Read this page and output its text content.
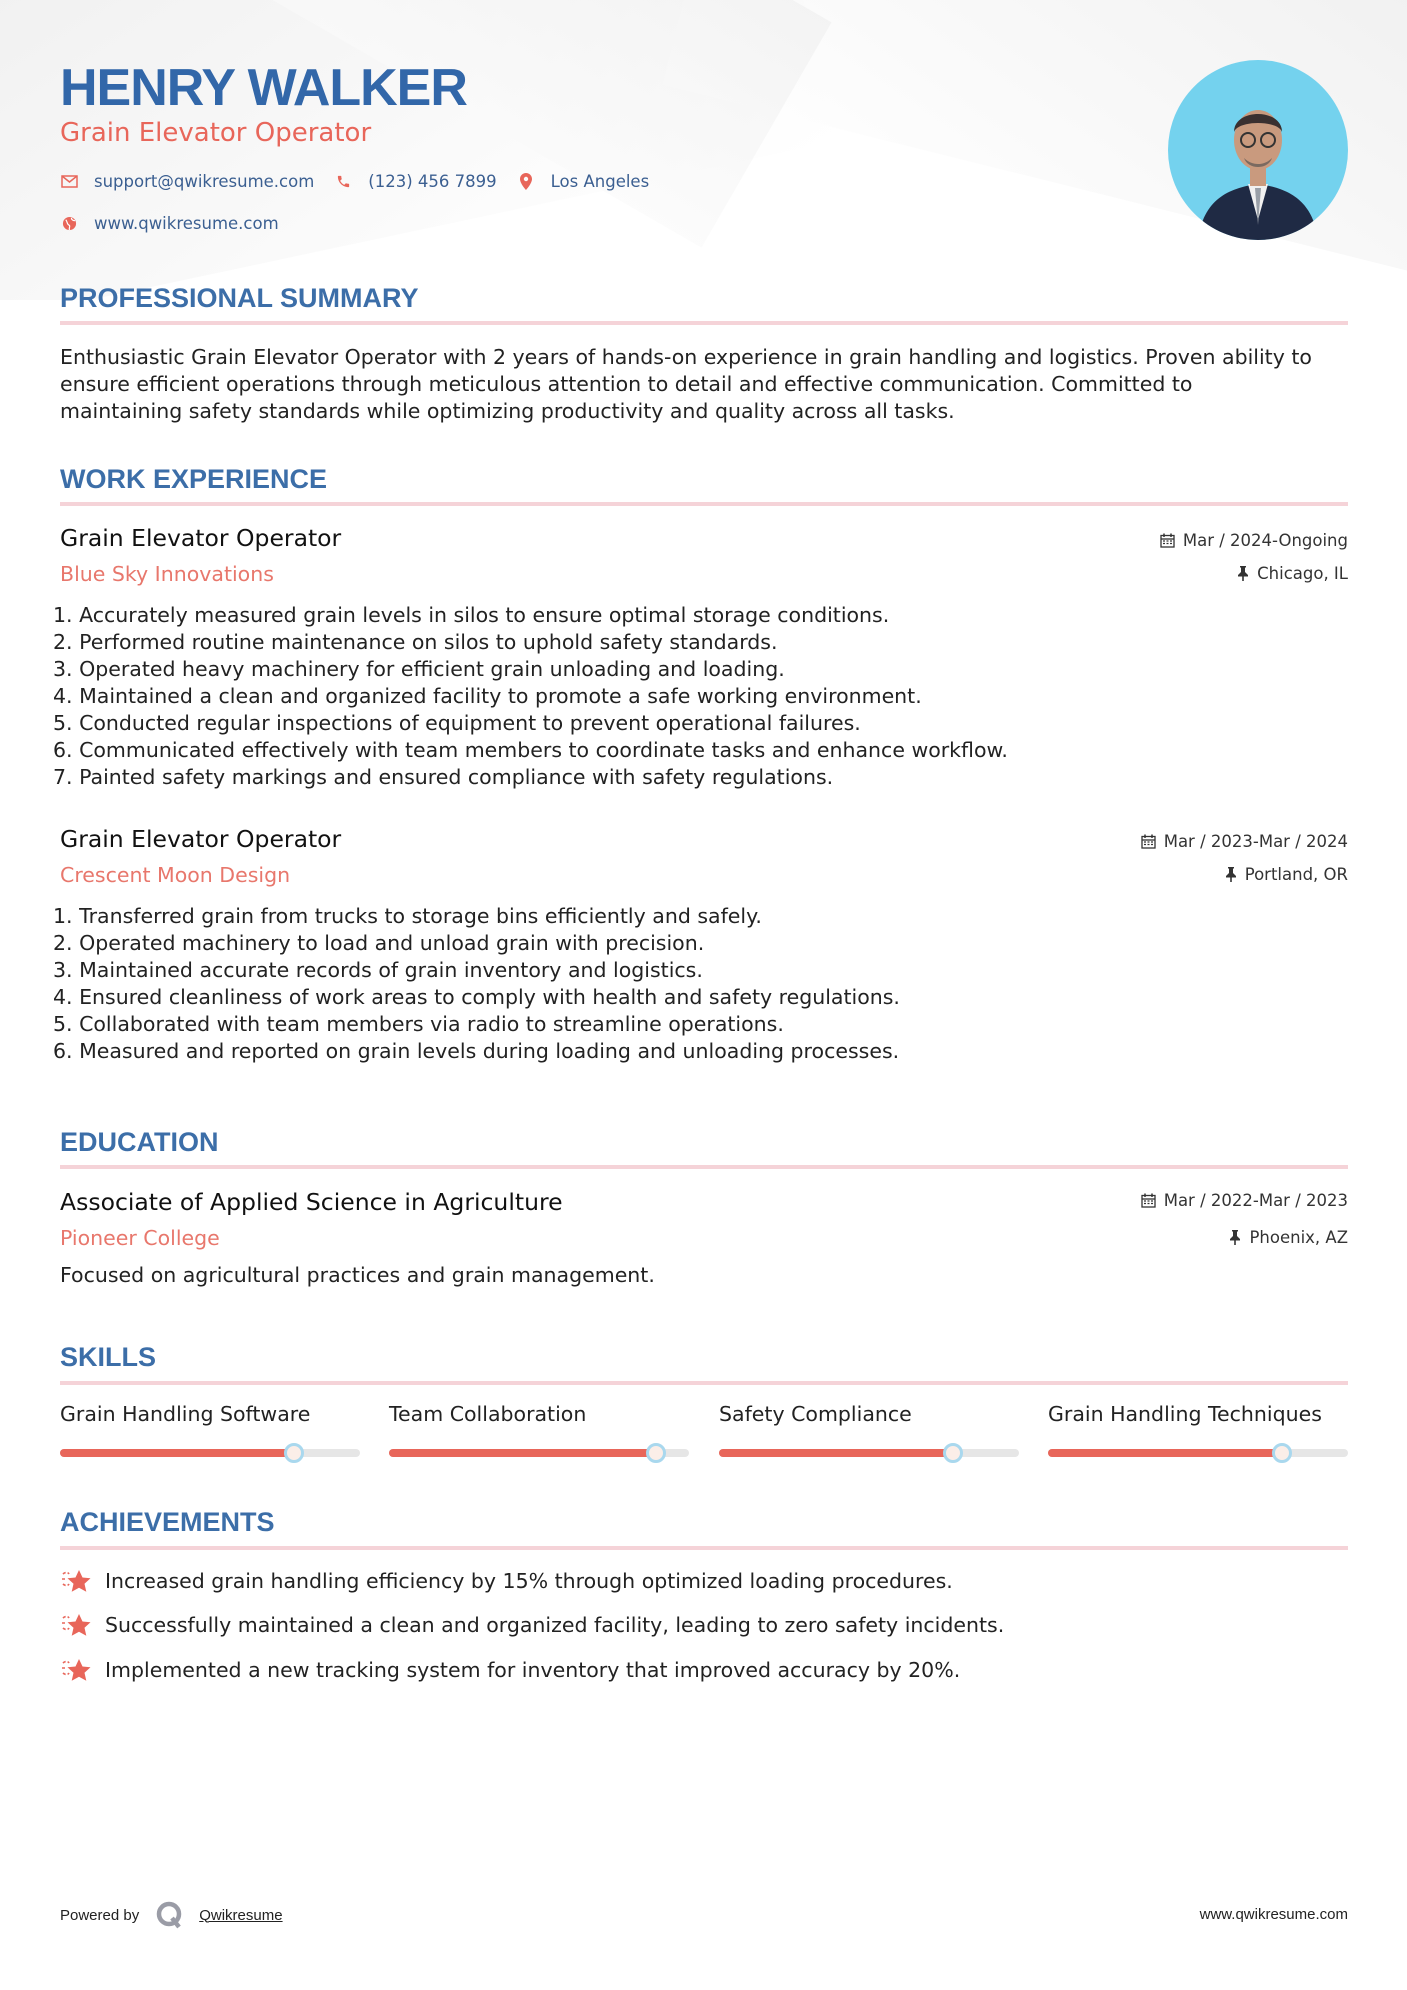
HENRY WALKER
Grain Elevator Operator
support@qwikresume.com	(123) 456 7899	Los Angeles
www.qwikresume.com
PROFESSIONAL SUMMARY
Enthusiastic Grain Elevator Operator with 2 years of hands-on experience in grain handling and logistics. Proven ability to
ensure efficient operations through meticulous attention to detail and effective communication. Committed to
maintaining safety standards while optimizing productivity and quality across all tasks.
WORK EXPERIENCE
Grain Elevator Operator	Mar / 2024-Ongoing
Blue Sky Innovations	Chicago, IL
1. Accurately measured grain levels in silos to ensure optimal storage conditions.
2. Performed routine maintenance on silos to uphold safety standards.
3. Operated heavy machinery for efficient grain unloading and loading.
4. Maintained a clean and organized facility to promote a safe working environment.
5. Conducted regular inspections of equipment to prevent operational failures.
6. Communicated effectively with team members to coordinate tasks and enhance workflow.
7. Painted safety markings and ensured compliance with safety regulations.
Grain Elevator Operator	Mar / 2023-Mar / 2024
Crescent Moon Design	Portland, OR
1. Transferred grain from trucks to storage bins efficiently and safely.
2. Operated machinery to load and unload grain with precision.
3. Maintained accurate records of grain inventory and logistics.
4. Ensured cleanliness of work areas to comply with health and safety regulations.
5. Collaborated with team members via radio to streamline operations.
6. Measured and reported on grain levels during loading and unloading processes.
EDUCATION
Associate of Applied Science in Agriculture	Mar / 2022-Mar / 2023
Pioneer College	Phoenix, AZ
Focused on agricultural practices and grain management.
SKILLS
Grain Handling Software	Team Collaboration	Safety Compliance	Grain Handling Techniques
ACHIEVEMENTS
Increased grain handling efficiency by 15% through optimized loading procedures.
Successfully maintained a clean and organized facility, leading to zero safety incidents.
Implemented a new tracking system for inventory that improved accuracy by 20%.
Powered by	Qwikresume	www.qwikresume.com
